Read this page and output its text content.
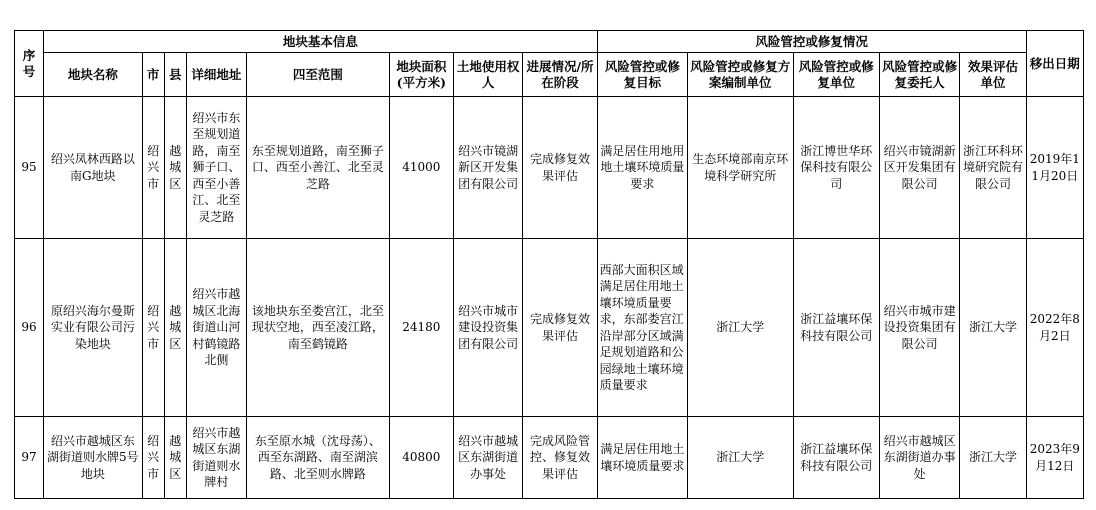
序号	地块基本信息								风险管控或修复情况					移出日期
	地块名称	市	县	详细地址	四至范围	地块面积(平方米)	土地使用权人	进展情况/所在阶段	风险管控或修复目标	风险管控或修复方案编制单位	风险管控或修复单位	风险管控或修复委托人	效果评估单位	
95	绍兴凤林西路以南G地块	绍兴市	越城区	绍兴市东至规划道路，南至狮子口、西至小善江、北至灵芝路	东至规划道路，南至狮子口、西至小善江、北至灵芝路	41000	绍兴市镜湖新区开发集团有限公司	完成修复效果评估	满足居住用地用地土壤环境质量要求	生态环境部南京环境科学研究所	浙江博世华环保科技有限公司	绍兴市镜湖新区开发集团有限公司	浙江环科环境研究院有限公司	2019年11月20日
96	原绍兴海尔曼斯实业有限公司污染地块	绍兴市	越城区	绍兴市越城区北海街道山河村鹤镜路北侧	该地块东至娄宫江，北至现状空地，西至凌江路，南至鹤镜路	24180	绍兴市城市建设投资集团有限公司	完成修复效果评估	西部大面积区域满足居住用地土壤环境质量要求，东部娄宫江沿岸部分区域满足规划道路和公园绿地土壤环境质量要求	浙江大学	浙江益壤环保科技有限公司	绍兴市城市建设投资集团有限公司	浙江大学	2022年8月2日
97	绍兴市越城区东湖街道则水牌5号地块	绍兴市	越城区	绍兴市越城区东湖街道则水牌村	东至原水城（沈母荡）、西至东湖路、南至湖滨路、北至则水牌路	40800	绍兴市越城区东湖街道办事处	完成风险管控、修复效果评估	满足居住用地土壤环境质量要求	浙江大学	浙江益壤环保科技有限公司	绍兴市越城区东湖街道办事处	浙江大学	2023年9月12日
